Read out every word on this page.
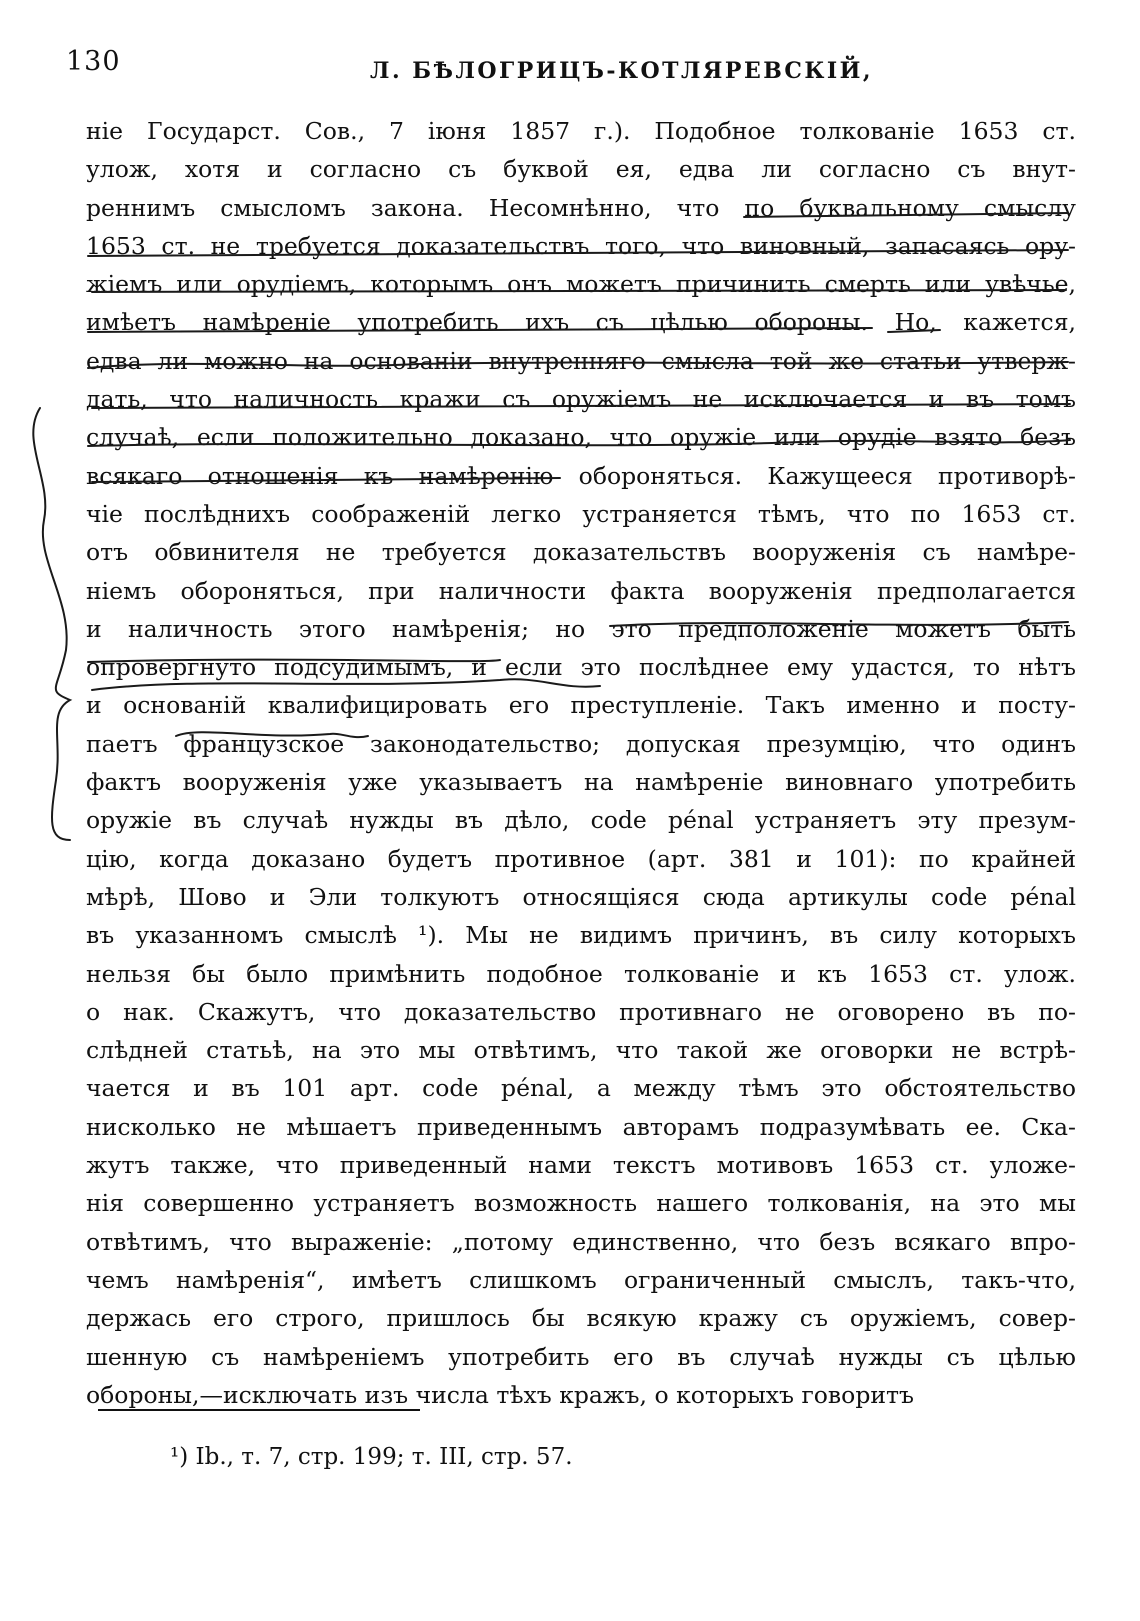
130	Л. БѢЛОГРИЦЪ-КОТЛЯРЕВСКІЙ,
ніе Государст. Сов., 7 іюня 1857 г.). Подобное толкованіе 1653 ст.
улож, хотя и согласно съ буквой ея, едва ли согласно съ внут-
реннимъ смысломъ закона. Несомнѣнно, что по буквальному смыслу
1653 ст. не требуется доказательствъ того, что виновный, запасаясь ору-
жіемъ или орудіемъ, которымъ онъ можетъ причинить смерть или увѣчье,
имѣетъ намѣреніе употребить ихъ съ цѣлью обороны. Но, кажется,
едва ли можно на основаніи внутренняго смысла той же статьи утверж-
дать, что наличность кражи съ оружіемъ не исключается и въ томъ
случаѣ, если положительно доказано, что оружіе или орудіе взято безъ
всякаго отношенія къ намѣренію обороняться. Кажущееся противорѣ-
чіе послѣднихъ соображеній легко устраняется тѣмъ, что по 1653 ст.
отъ обвинителя не требуется доказательствъ вооруженія съ намѣре-
ніемъ обороняться, при наличности факта вооруженія предполагается
и наличность этого намѣренія; но это предположеніе можетъ быть
опровергнуто подсудимымъ, и если это послѣднее ему удастся, то нѣтъ
и основаній квалифицировать его преступленіе. Такъ именно и посту-
паетъ французское законодательство; допуская презумцію, что одинъ
фактъ вооруженія уже указываетъ на намѣреніе виновнаго употребить
оружіе въ случаѣ нужды въ дѣло, code pénal устраняетъ эту презум-
цію, когда доказано будетъ противное (арт. 381 и 101): по крайней
мѣрѣ, Шово и Эли толкуютъ относящіяся сюда артикулы code pénal
въ указанномъ смыслѣ ¹). Мы не видимъ причинъ, въ силу которыхъ
нельзя бы было примѣнить подобное толкованіе и къ 1653 ст. улож.
о нак. Скажутъ, что доказательство противнаго не оговорено въ по-
слѣдней статьѣ, на это мы отвѣтимъ, что такой же оговорки не встрѣ-
чается и въ 101 арт. code pénal, а между тѣмъ это обстоятельство
нисколько не мѣшаетъ приведеннымъ авторамъ подразумѣвать ее. Ска-
жутъ также, что приведенный нами текстъ мотивовъ 1653 ст. уложе-
нія совершенно устраняетъ возможность нашего толкованія, на это мы
отвѣтимъ, что выраженіе: „потому единственно, что безъ всякаго впро-
чемъ намѣренія“, имѣетъ слишкомъ ограниченный смыслъ, такъ-что,
держась его строго, пришлось бы всякую кражу съ оружіемъ, совер-
шенную съ намѣреніемъ употребить его въ случаѣ нужды съ цѣлью
обороны,—исключать изъ числа тѣхъ кражъ, о которыхъ говоритъ
¹) Ib., т. 7, стр. 199; т. III, стр. 57.
